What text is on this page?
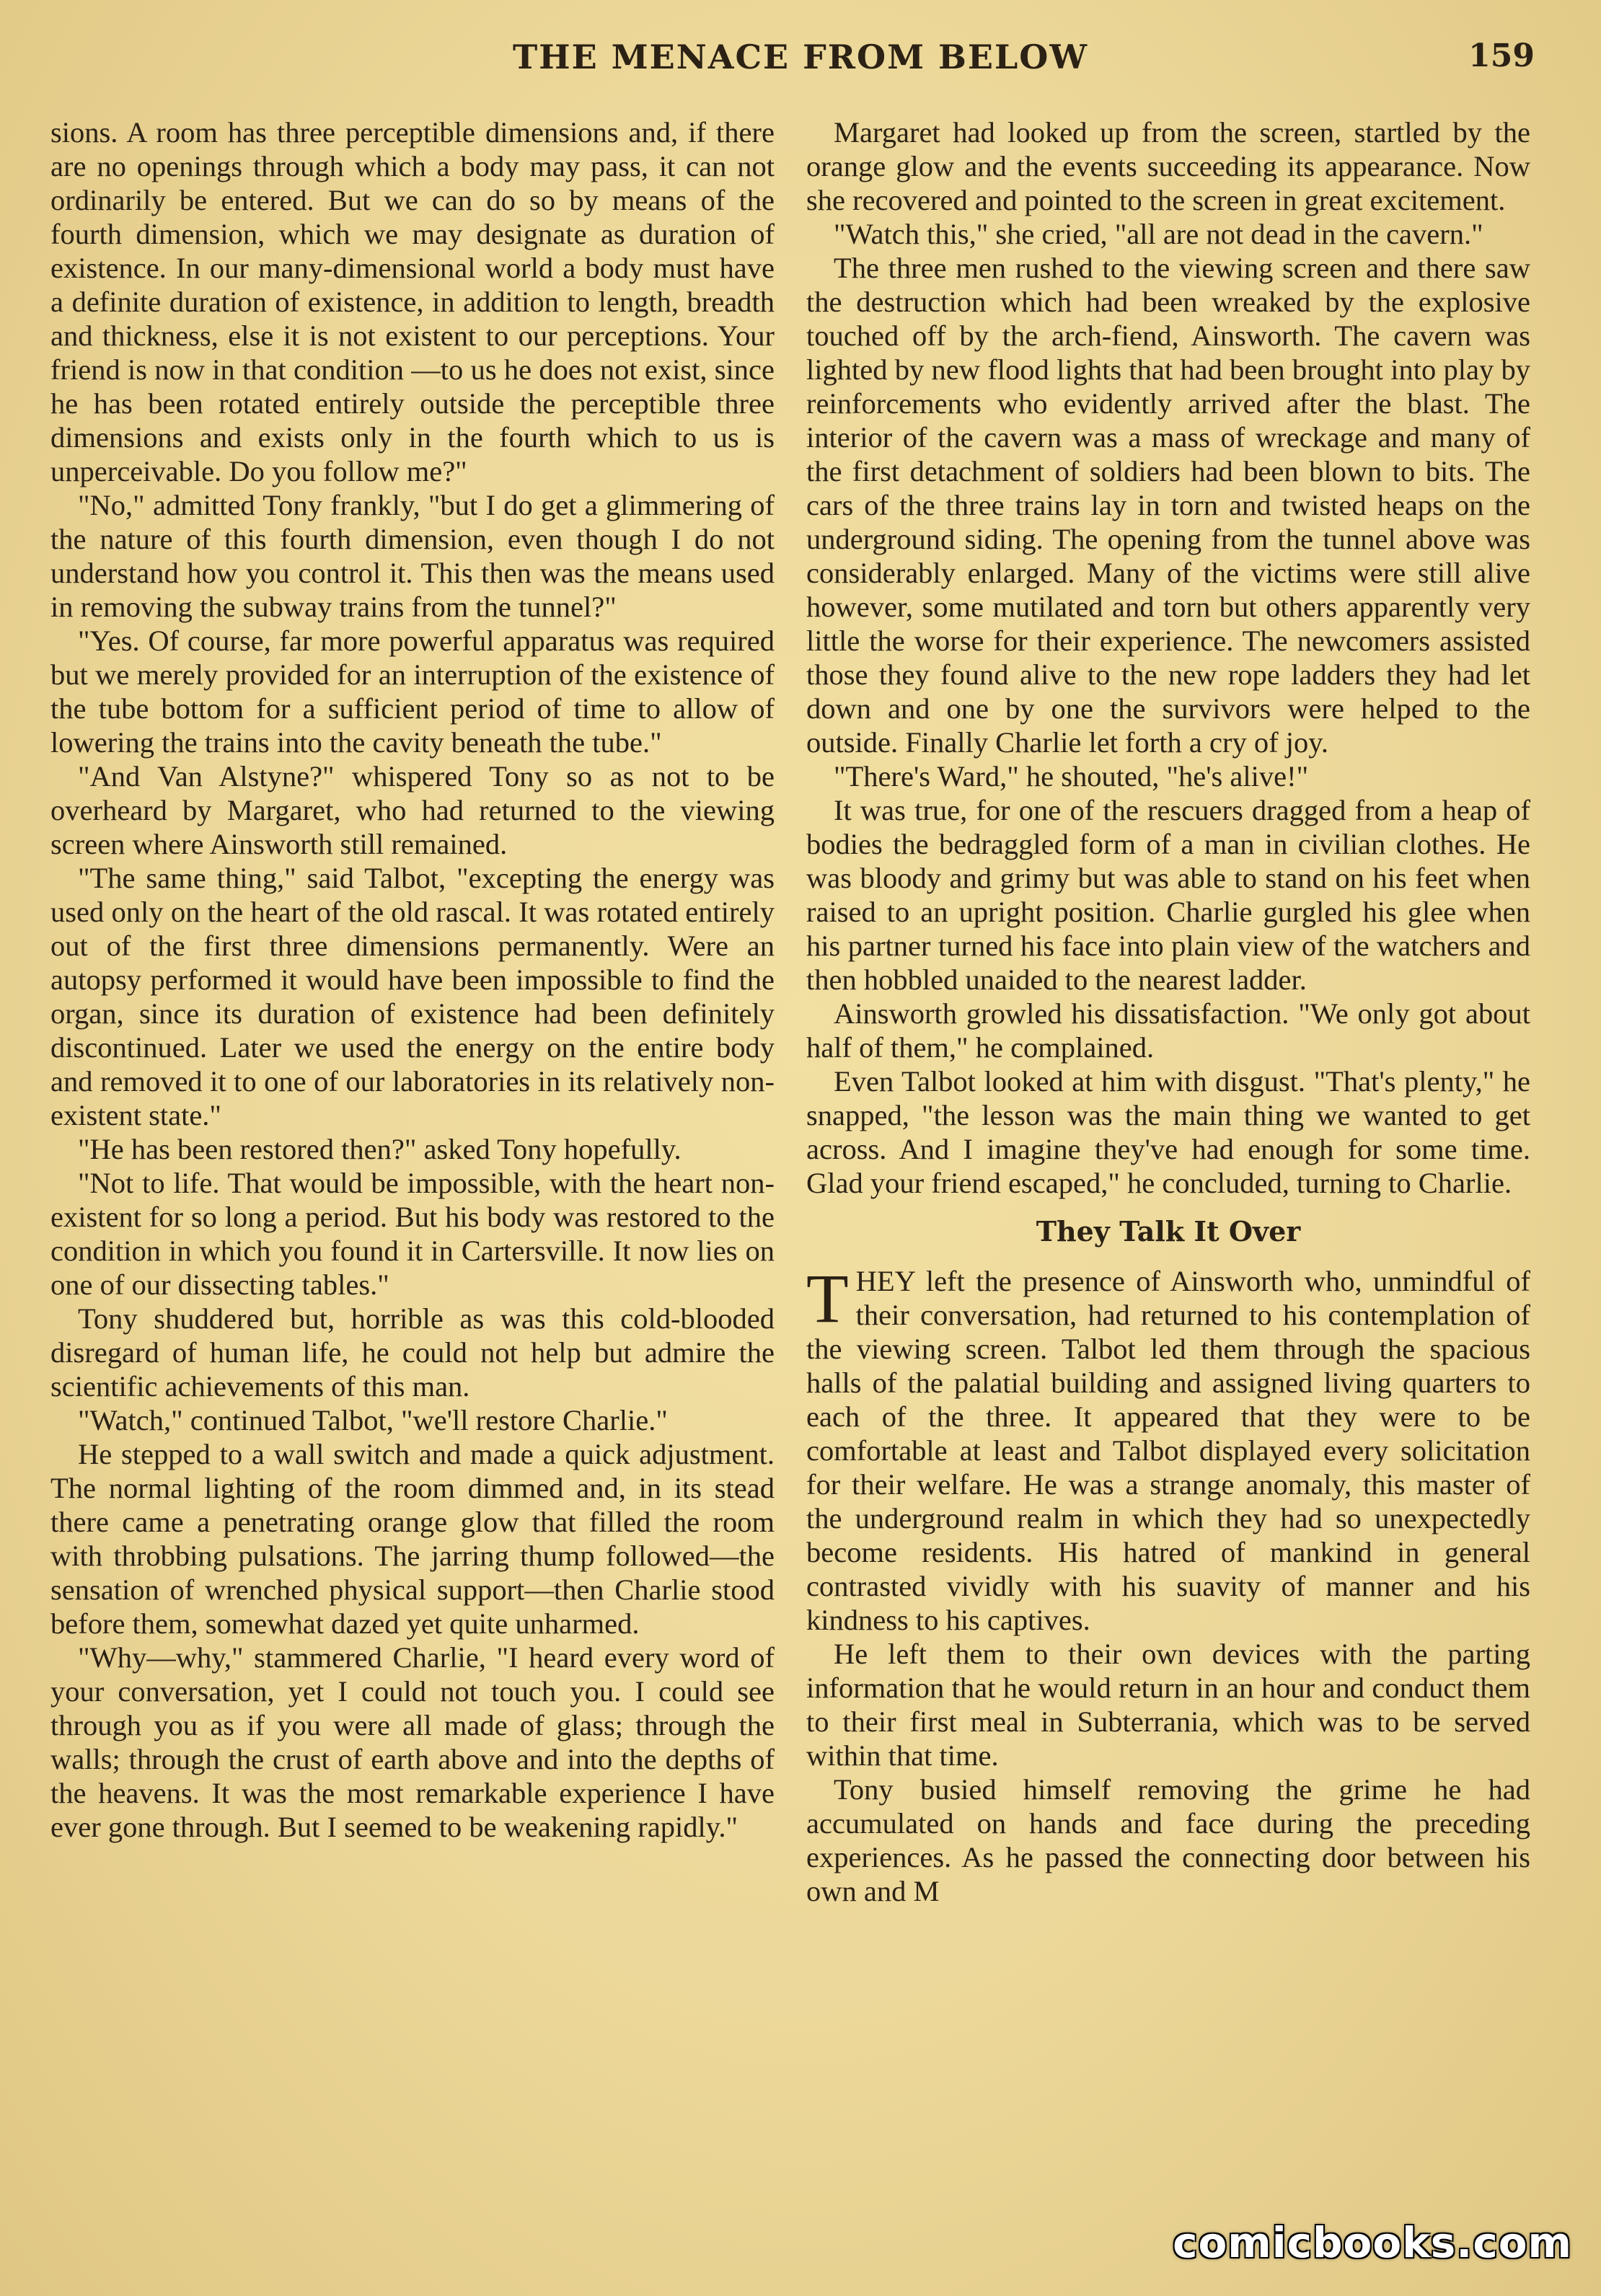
THE MENACE FROM BELOW	159

sions. A room has three perceptible dimensions and, if there are no openings through which a body may pass, it can not ordinarily be entered. But we can do so by means of the fourth dimension, which we may designate as duration of existence. In our many-dimensional world a body must have a definite duration of existence, in addition to length, breadth and thickness, else it is not existent to our perceptions. Your friend is now in that condition —to us he does not exist, since he has been rotated entirely outside the perceptible three dimensions and exists only in the fourth which to us is unperceivable. Do you follow me?"

"No," admitted Tony frankly, "but I do get a glimmering of the nature of this fourth dimension, even though I do not understand how you control it. This then was the means used in removing the subway trains from the tunnel?"

"Yes. Of course, far more powerful apparatus was required but we merely provided for an interruption of the existence of the tube bottom for a sufficient period of time to allow of lowering the trains into the cavity beneath the tube."

"And Van Alstyne?" whispered Tony so as not to be overheard by Margaret, who had returned to the viewing screen where Ainsworth still remained.

"The same thing," said Talbot, "excepting the energy was used only on the heart of the old rascal. It was rotated entirely out of the first three dimensions permanently. Were an autopsy performed it would have been impossible to find the organ, since its duration of existence had been definitely discontinued. Later we used the energy on the entire body and removed it to one of our laboratories in its relatively non-existent state."

"He has been restored then?" asked Tony hopefully.

"Not to life. That would be impossible, with the heart non-existent for so long a period. But his body was restored to the condition in which you found it in Cartersville. It now lies on one of our dissecting tables."

Tony shuddered but, horrible as was this cold-blooded disregard of human life, he could not help but admire the scientific achievements of this man.

"Watch," continued Talbot, "we'll restore Charlie."

He stepped to a wall switch and made a quick adjustment. The normal lighting of the room dimmed and, in its stead there came a penetrating orange glow that filled the room with throbbing pulsations. The jarring thump followed—the sensation of wrenched physical support—then Charlie stood before them, somewhat dazed yet quite unharmed.

"Why—why," stammered Charlie, "I heard every word of your conversation, yet I could not touch you. I could see through you as if you were all made of glass; through the walls; through the crust of earth above and into the depths of the heavens. It was the most remarkable experience I have ever gone through. But I seemed to be weakening rapidly."

Margaret had looked up from the screen, startled by the orange glow and the events succeeding its appearance. Now she recovered and pointed to the screen in great excitement.

"Watch this," she cried, "all are not dead in the cavern."

The three men rushed to the viewing screen and there saw the destruction which had been wreaked by the explosive touched off by the arch-fiend, Ainsworth. The cavern was lighted by new flood lights that had been brought into play by reinforcements who evidently arrived after the blast. The interior of the cavern was a mass of wreckage and many of the first detachment of soldiers had been blown to bits. The cars of the three trains lay in torn and twisted heaps on the underground siding. The opening from the tunnel above was considerably enlarged. Many of the victims were still alive however, some mutilated and torn but others apparently very little the worse for their experience. The newcomers assisted those they found alive to the new rope ladders they had let down and one by one the survivors were helped to the outside. Finally Charlie let forth a cry of joy.

"There's Ward," he shouted, "he's alive!"

It was true, for one of the rescuers dragged from a heap of bodies the bedraggled form of a man in civilian clothes. He was bloody and grimy but was able to stand on his feet when raised to an upright position. Charlie gurgled his glee when his partner turned his face into plain view of the watchers and then hobbled unaided to the nearest ladder.

Ainsworth growled his dissatisfaction. "We only got about half of them," he complained.

Even Talbot looked at him with disgust. "That's plenty," he snapped, "the lesson was the main thing we wanted to get across. And I imagine they've had enough for some time. Glad your friend escaped," he concluded, turning to Charlie.

They Talk It Over

THEY left the presence of Ainsworth who, unmindful of their conversation, had returned to his contemplation of the viewing screen. Talbot led them through the spacious halls of the palatial building and assigned living quarters to each of the three. It appeared that they were to be comfortable at least and Talbot displayed every solicitation for their welfare. He was a strange anomaly, this master of the underground realm in which they had so unexpectedly become residents. His hatred of mankind in general contrasted vividly with his suavity of manner and his kindness to his captives.

He left them to their own devices with the parting information that he would return in an hour and conduct them to their first meal in Subterrania, which was to be served within that time.

Tony busied himself removing the grime he had accumulated on hands and face during the preceding experiences. As he passed the connecting door between his own and M

comicbooks.com
